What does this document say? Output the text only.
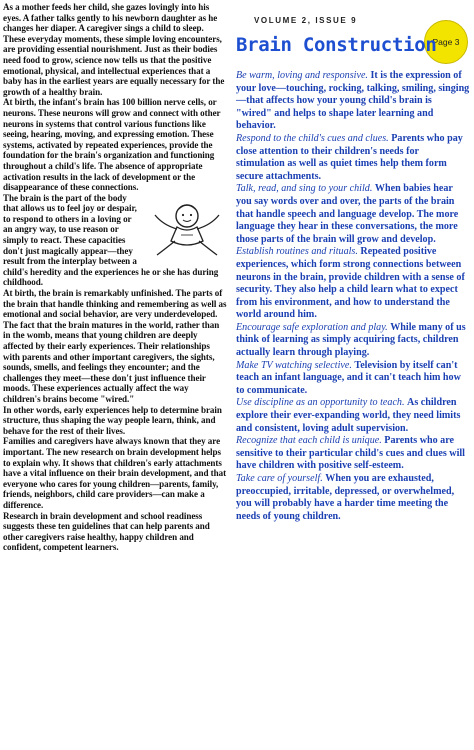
As a mother feeds her child, she gazes lovingly into his eyes. A father talks gently to his newborn daughter as he changes her diaper. A caregiver sings a child to sleep.

These everyday moments, these simple loving encounters, are providing essential nourishment. Just as their bodies need food to grow, science now tells us that the positive emotional, physical, and intellectual experiences that a baby has in the earliest years are equally necessary for the growth of a healthy brain.

At birth, the infant's brain has 100 billion nerve cells, or neurons. These neurons will grow and connect with other neurons in systems that control various functions like seeing, hearing, moving, and expressing emotion. These systems, activated by repeated experiences, provide the foundation for the brain's organization and functioning throughout a child's life. The absence of appropriate activation results in the lack of development or the disappearance of these connections.

The brain is the part of the body that allows us to feel joy or despair, to respond to others in a loving or an angry way, to use reason or simply to react. These capacities don't just magically appear—they result from the interplay between a child's heredity and the experiences he or she has during childhood.

At birth, the brain is remarkably unfinished. The parts of the brain that handle thinking and remembering as well as emotional and social behavior, are very underdeveloped. The fact that the brain matures in the world, rather than in the womb, means that young children are deeply affected by their early experiences. Their relationships with parents and other important caregivers, the sights, sounds, smells, and feelings they encounter; and the challenges they meet—these don't just influence their moods. These experiences actually affect the way children's brains become "wired."

In other words, early experiences help to determine brain structure, thus shaping the way people learn, think, and behave for the rest of their lives.

Families and caregivers have always known that they are important. The new research on brain development helps to explain why. It shows that children's early attachments have a vital influence on their brain development, and that everyone who cares for young children—parents, family, friends, neighbors, child care providers—can make a difference.

Research in brain development and school readiness suggests these ten guidelines that can help parents and other caregivers raise healthy, happy children and confident, competent learners.

VOLUME 2, ISSUE 9
Page 3
Brain Construction

Be warm, loving and responsive. It is the expression of your love—touching, rocking, talking, smiling, singing—that affects how your young child's brain is "wired" and helps to shape later learning and behavior.

Respond to the child's cues and clues. Parents who pay close attention to their children's needs for stimulation as well as quiet times help them form secure attachments.

Talk, read, and sing to your child. When babies hear you say words over and over, the parts of the brain that handle speech and language develop. The more language they hear in these conversations, the more those parts of the brain will grow and develop.

Establish routines and rituals. Repeated positive experiences, which form strong connections between neurons in the brain, provide children with a sense of security. They also help a child learn what to expect from his environment, and how to understand the world around him.

Encourage safe exploration and play. While many of us think of learning as simply acquiring facts, children actually learn through playing.

Make TV watching selective. Television by itself can't teach an infant language, and it can't teach him how to communicate.

Use discipline as an opportunity to teach. As children explore their ever-expanding world, they need limits and consistent, loving adult supervision.

Recognize that each child is unique. Parents who are sensitive to their particular child's cues and clues will have children with positive self-esteem.

Take care of yourself. When you are exhausted, preoccupied, irritable, depressed, or overwhelmed, you will probably have a harder time meeting the needs of young children.
